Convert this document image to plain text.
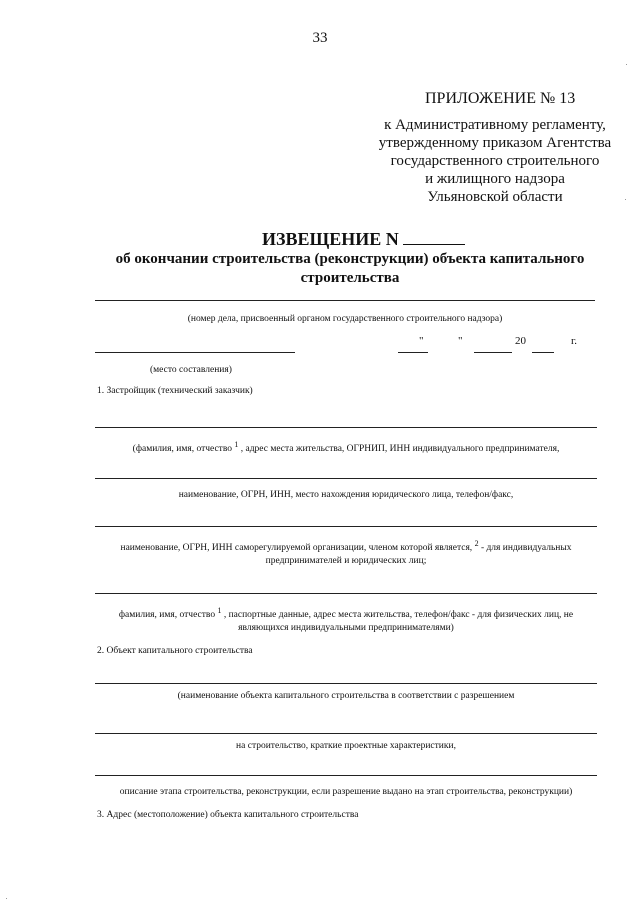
33
ПРИЛОЖЕНИЕ № 13
к Административному регламенту,
утвержденному приказом Агентства
государственного строительного
и жилищного надзора
Ульяновской области
ИЗВЕЩЕНИЕ N
об окончании строительства (реконструкции) объекта капитального
строительства
(номер дела, присвоенный органом государственного строительного надзора)
"	"	20	г.
(место составления)
1. Застройщик (технический заказчик)
(фамилия, имя, отчество $^1$ , адрес места жительства, ОГРНИП, ИНН индивидуального предпринимателя,
наименование, ОГРН, ИНН, место нахождения юридического лица, телефон/факс,
наименование, ОГРН, ИНН саморегулируемой организации, членом которой является, $^2$ - для индивидуальных
предпринимателей и юридических лиц;
фамилия, имя, отчество $^1$ , паспортные данные, адрес места жительства, телефон/факс - для физических лиц, не
являющихся индивидуальными предпринимателями)
2. Объект капитального строительства
(наименование объекта капитального строительства в соответствии с разрешением
на строительство, краткие проектные характеристики,
описание этапа строительства, реконструкции, если разрешение выдано на этап строительства, реконструкции)
3. Адрес (местоположение) объекта капитального строительства
